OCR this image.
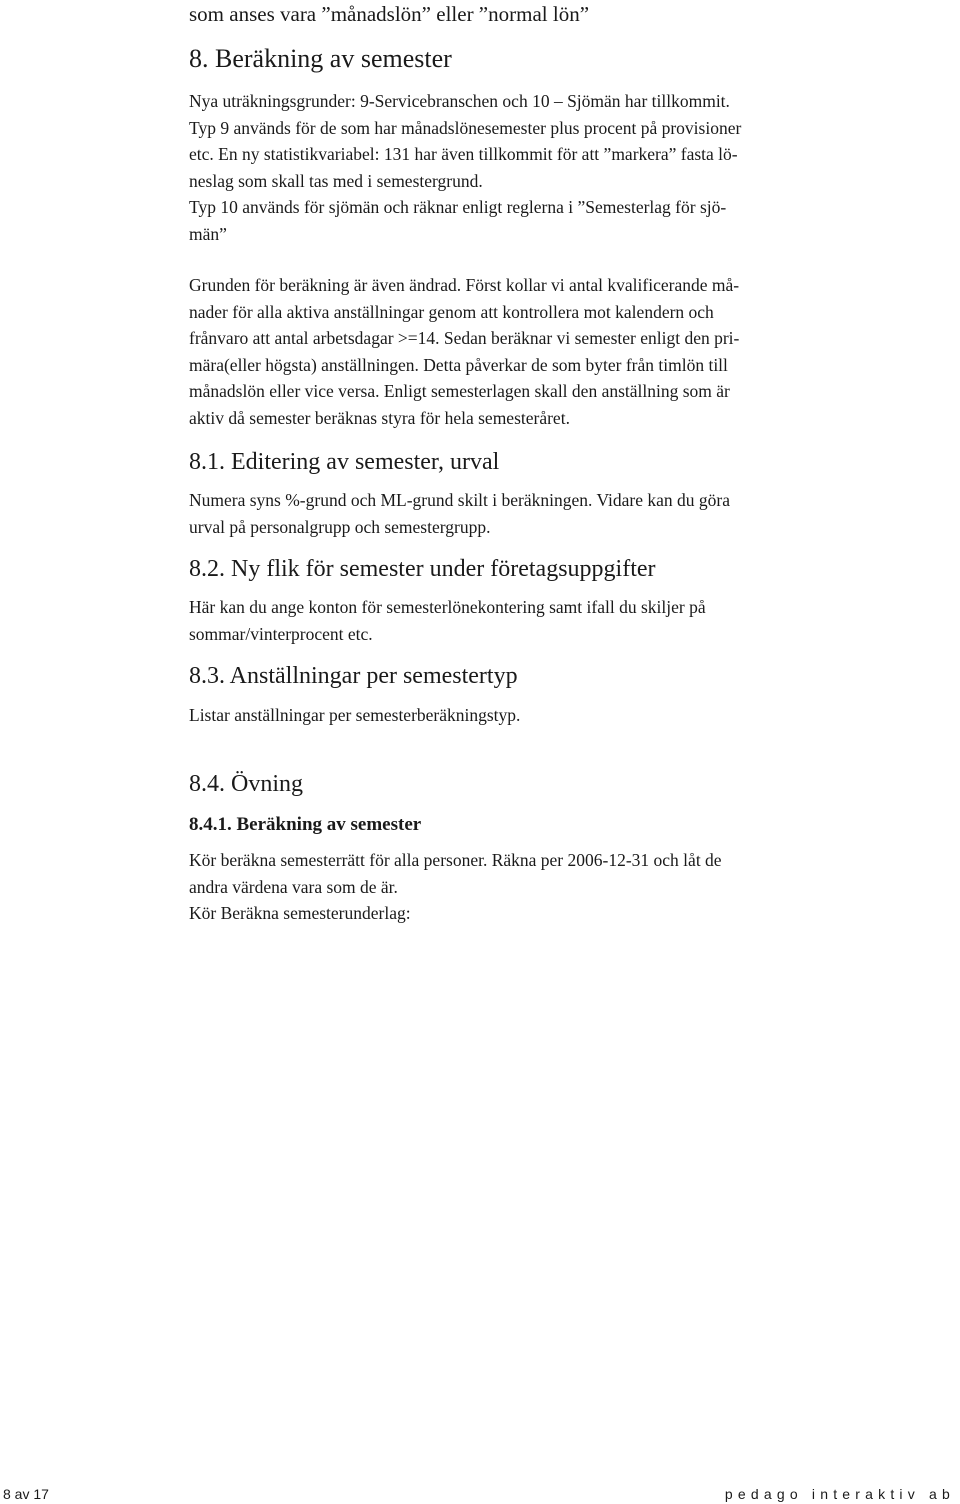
som anses vara ”månadslön” eller ”normal lön”

8. Beräkning av semester
Nya uträkningsgrunder: 9-Servicebranschen och 10 – Sjömän har tillkommit.
Typ 9 används för de som har månadslönesemester plus procent på provisioner
etc. En ny statistikvariabel: 131 har även tillkommit för att ”markera” fasta lö-
neslag som skall tas med i semestergrund.
Typ 10 används för sjömän och räknar enligt reglerna i ”Semesterlag för sjö-
män”
Grunden för beräkning är även ändrad. Först kollar vi antal kvalificerande må-
nader för alla aktiva anställningar genom att kontrollera mot kalendern och
frånvaro att antal arbetsdagar >=14. Sedan beräknar vi semester enligt den pri-
mära(eller högsta) anställningen. Detta påverkar de som byter från timlön till
månadslön eller vice versa. Enligt semesterlagen skall den anställning som är
aktiv då semester beräknas styra för hela semesteråret.
8.1. Editering av semester, urval
Numera syns %-grund och ML-grund skilt i beräkningen. Vidare kan du göra
urval på personalgrupp och semestergrupp.
8.2. Ny flik för semester under företagsuppgifter
Här kan du ange konton för semesterlönekontering samt ifall du skiljer på
sommar/vinterprocent etc.
8.3. Anställningar per semestertyp
Listar anställningar per semesterberäkningstyp.
8.4. Övning
8.4.1. Beräkning av semester
Kör beräkna semesterrätt för alla personer. Räkna per 2006-12-31 och låt de
andra värdena vara som de är.
Kör Beräkna semesterunderlag:
8 av 17	pedago interaktiv ab
